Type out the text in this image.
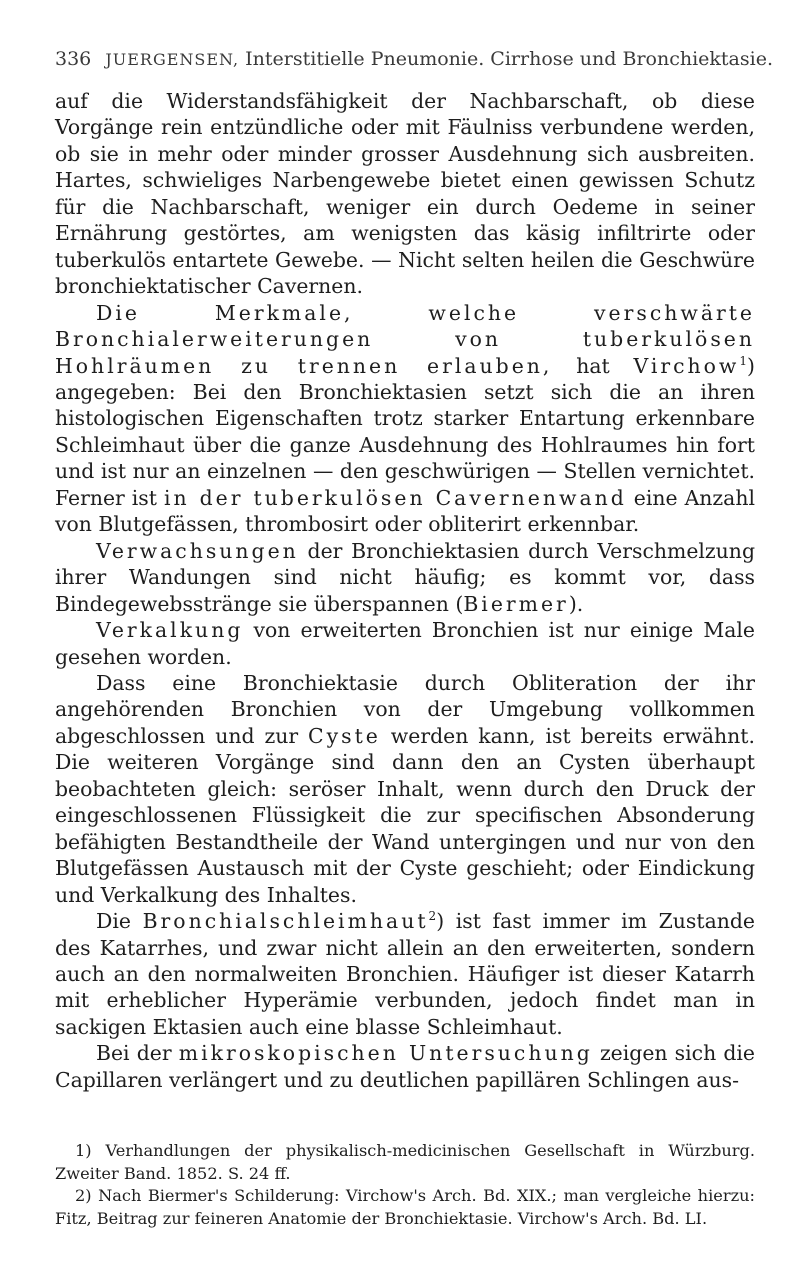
336 JUERGENSEN, Interstitielle Pneumonie. Cirrhose und Bronchiektasie.

auf die Widerstandsfähigkeit der Nachbarschaft, ob diese Vorgänge rein entzündliche oder mit Fäulniss verbundene werden, ob sie in mehr oder minder grosser Ausdehnung sich ausbreiten. Hartes, schwieliges Narbengewebe bietet einen gewissen Schutz für die Nachbarschaft, weniger ein durch Oedeme in seiner Ernährung gestörtes, am wenigsten das käsig infiltrirte oder tuberkulös entartete Gewebe. — Nicht selten heilen die Geschwüre bronchiektatischer Cavernen.

Die Merkmale, welche verschwärte Bronchialerweiterungen von tuberkulösen Hohlräumen zu trennen erlauben, hat Virchow$^1$) angegeben: Bei den Bronchiektasien setzt sich die an ihren histologischen Eigenschaften trotz starker Entartung erkennbare Schleimhaut über die ganze Ausdehnung des Hohlraumes hin fort und ist nur an einzelnen — den geschwürigen — Stellen vernichtet. Ferner ist in der tuberkulösen Cavernenwand eine Anzahl von Blutgefässen, thrombosirt oder obliterirt erkennbar.

Verwachsungen der Bronchiektasien durch Verschmelzung ihrer Wandungen sind nicht häufig; es kommt vor, dass Bindegewebsstränge sie überspannen (Biermer).

Verkalkung von erweiterten Bronchien ist nur einige Male gesehen worden.

Dass eine Bronchiektasie durch Obliteration der ihr angehörenden Bronchien von der Umgebung vollkommen abgeschlossen und zur Cyste werden kann, ist bereits erwähnt. Die weiteren Vorgänge sind dann den an Cysten überhaupt beobachteten gleich: seröser Inhalt, wenn durch den Druck der eingeschlossenen Flüssigkeit die zur specifischen Absonderung befähigten Bestandtheile der Wand untergingen und nur von den Blutgefässen Austausch mit der Cyste geschieht; oder Eindickung und Verkalkung des Inhaltes.

Die Bronchialschleimhaut$^2$) ist fast immer im Zustande des Katarrhes, und zwar nicht allein an den erweiterten, sondern auch an den normalweiten Bronchien. Häufiger ist dieser Katarrh mit erheblicher Hyperämie verbunden, jedoch findet man in sackigen Ektasien auch eine blasse Schleimhaut.

Bei der mikroskopischen Untersuchung zeigen sich die Capillaren verlängert und zu deutlichen papillären Schlingen aus-

1) Verhandlungen der physikalisch-medicinischen Gesellschaft in Würzburg. Zweiter Band. 1852. S. 24 ff.

2) Nach Biermer's Schilderung: Virchow's Arch. Bd. XIX.; man vergleiche hierzu: Fitz, Beitrag zur feineren Anatomie der Bronchiektasie. Virchow's Arch. Bd. LI.
